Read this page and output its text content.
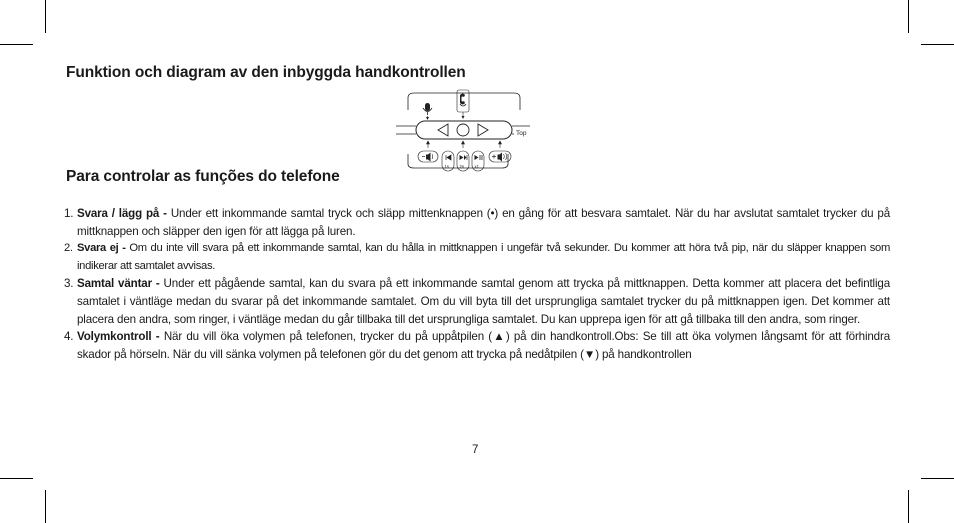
Funktion och diagram av den inbyggda handkontrollen
Para controlar as funções do telefone
Top
1s	2s	x1
1. Svara / lägg på - Under ett inkommande samtal tryck och släpp mittenknappen (•) en gång för att besvara samtalet. När du har avslutat samtalet trycker du på mittknappen och släpper den igen för att lägga på luren.
2. Svara ej - Om du inte vill svara på ett inkommande samtal, kan du hålla in mittknappen i ungefär två sekunder. Du kommer att höra två pip, när du släpper knappen som indikerar att samtalet avvisas.
3. Samtal väntar - Under ett pågående samtal, kan du svara på ett inkommande samtal genom att trycka på mittknappen. Detta kommer att placera det befintliga samtalet i väntläge medan du svarar på det inkommande samtalet. Om du vill byta till det ursprungliga samtalet trycker du på mittknappen igen. Det kommer att placera den andra, som ringer, i väntläge medan du går tillbaka till det ursprungliga samtalet. Du kan upprepa igen för att gå tillbaka till den andra, som ringer.
4. Volymkontroll - När du vill öka volymen på telefonen, trycker du på uppåtpilen (▲) på din handkontroll.Obs: Se till att öka volymen långsamt för att förhindra skador på hörseln. När du vill sänka volymen på telefonen gör du det genom att trycka på nedåtpilen (▼) på handkontrollen
7
